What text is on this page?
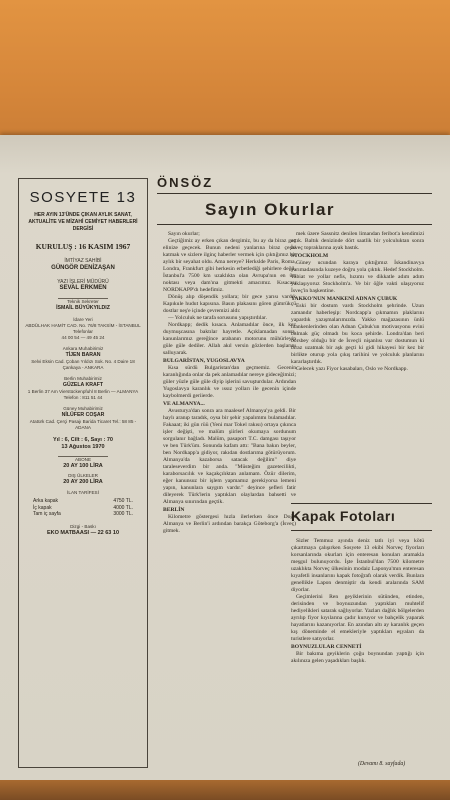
SOSYETE 13
HER AYIN 13'ÜNDE ÇIKAN AYLIK SANAT, AKTUALİTE VE MİZAHİ CEMİYET HABERLERİ DERGİSİ
KURULUŞ : 16 KASIM 1967
İMTİYAZ SAHİBİ
GÜNGÖR DENİZAŞAN
YAZI İŞLERİ MÜDÜRÜ
SEVAL ERKMEN
Teknik Sekreter
İSMAİL BÜYÜKYILDIZ
İdare Yeri
ABDÜLHAK HAMİT CAD. No. 76/8 TAKSİM - İSTANBUL
Telefonlar
44 00 54 — 49 45 24
Ankara Muhabirimiz
TİJEN BARAN
Selvi Eksin Cad. Çoban Yıldızı Sok. No. 4 Daire 18 Çankaya - ANKARA
Berlin Muhabirimiz
GÜZELA KRAFT
1 Berlin 37 Am Vierstückenpfuhl 8 Berlin — ALMANYA
Telefon : 811 51 44
Güney Muhabirimiz
NİLÜFER COŞAR
Atatürk Cad. Çerçi Pasajı Barida Ticaret Tel.: 58 85 - ADANA
Yıl : 6, Cilt : 6, Sayı : 70
13 Ağustos 1970
ABONE
20 AY 100 LİRA
DIŞ ÜLKELER
20 AY 200 LİRA
İLAN TARİFESİ
Arka kapak	4750 TL.
İç kapak	4000 TL.
Tam iç sayfa	3000 TL.
Dizgi - Baskı
EKO MATBAASI — 22 63 10
ÖNSÖZ
Sayın Okurlar

Sayın okurlar;

Geçtiğimiz ay erken çıkan dergimiz, bu ay da biraz geç elinize geçecek. Bunun nedeni yanlarına biraz çeşni katmak ve sizlere ilginç haberler vermek için çıktığımız bir aylık bir seyahat oldu. Ama nereye? Herkslde Paris, Roma, Londra, Frankfurt gibi herkesin erbetlediği şehirlere değil. İstanbul'a 7500 km uzaklıkta olan Avrupa'nın en üst noktası veya dam'ına gitmekti amacımız. Kısacası NORDKAPP'dı hedefimiz.

Dönüş alıp döşendik yollara; bir gece yarısı vardık Kapıkule hudut kapısına. Basın plakasını gören gümrükçü dostlar neş'e içinde çevremizi aldı:

— Yolculuk ne tarafa sorusunu yapıştırdılar.

Nordkapp; dedik kısaca. Anlamadılar önce, ilk kez duymuşcasına baktılar hayretle. Açıklamadan sonra, kanunlarımız gereğince arabanın motorunu mühürleyip güle güle dediler. Allah akıl versin gözlerden başlarını salluyarak.

BULGARİSTAN, YUGOSLAVYA

Kısa sürdü Bulgaristan'dan geçmemiz. Gecenin karanlığında onlar da pek anlamadılar nereye gideceğimizi; güler yüzle güle güle diyip işlerini savuşturdular. Ardından Yugoslavya karanlık ve ıssız yolları ile gecenin içinde kaybolmerdi geriierde.

VE ALMANYA...

Avusturya'dan sonra ara maalesef Almanya'ya geldi. Bir haylı aranıp taradık, oysa bir şehir yapalımmı bulamadılar. Fakaaat; iki gün rüü (Yeni mar Tokel rakısı) ortaya çıkınca işler değişti, ve malüm şiirleri okumaya sordunum sorgulanır bağladı. Malüm, pasaport T.C. damgası taşıyor ve ben Türk'üm. Sonunda kafam attı: "Bana bakın beyler, ben Nordkapp'a gidiyor, rakıdan dostlarıma götürüyorum. Almanya'da kazaborsa satacak değilim" diye taraleseverdim bir anda. "Müsteğim gazetecilikti, karaborsacılık ve kaçakçılıktan anlamam. Özür dilerim, eğer kanunsuz bir işlem yapmamız gerekiyorsa lemeni yapın, kanunlara saygım vardır." deyince şefleri fatir dileyerek Türk'lerin yaptıkları olaylardan bahsetti ve Almanya sınırından geçtik.

BERLİN

Kilometre göstergesi hızla ilerlerken önce Doğu Almanya ve Berlin'i ardından barakça Göteborg'a (İsveç) gitmek.

mek üzere Sassnitz denilen limandan feribot'a kendimizi attık. Baltık denizinde dört saatlik bir yolculuktan sonra İsveç topraklarına ayak bastık.

STOCKHOLM

Güney ucundan karaya çıktığımız İskandinavya yarımadasında kuzeye doğru yola çıktık. Hedef Stockholm. Tabiat ve yollar nefis, hızımı ve dikkatle adım adım yaklaşıyoruz Stockholm'a. Ve bir öğle vakti ulaşıyoruz İsveç'in başkentine.

YAKKO'NUN MANKENİ ADNAN ÇUBUK

Eski bir dostum vardı Stockholm şehrinde. Uzun zamandır haberleşip: Nordcapp'a çıkmamın plaklarını yapardık yazışmalarımızda. Yakko mağazasının ünlü mankenlerinden olan Adnan Çubuk'un motivasyonu evini bulmak güç olmadı bu koca şehirde. Londra'dan beri borsbey olduğu bir de İsveçli nişanlısı var dostumun ki biraz uzatmak bir aşk geçti ki gidi hikayesi bir kez bir birlikte oturup yola çıkış tarihini ve yolculuk planlarını kararlaştırdık.

Gelecek yazı Fiyor kasabaları, Oslo ve Nordkapp.

Kapak Fotoları

Sizler Temmuz ayında deniz tatlı iyi veya kötü çıkartmaya çalışırken Sosyete 13 ekibi Norveç fiyorları korsanlarında okurları için enteresan konuları aramakla meşgul bulunuyordu. İşte İstanbul'dan 7500 kilometre uzaklıkta Norveç ülkesinin modaiz Laponya'mın enteresan kıyafetli insanlarını kapak fotoğrafı olarak verdik. Bunlara genellikle Lapon denmiştir da kendi aralarında SAM diyorlar.

Geçimlerini Ren geyiklerinin sütünden, etinden, derisinden ve boynuzundan yaptıkları muhtelif hediyelikleri satarak sağlıyorlar. Yazları dağlık bölgelerden ayrılıp fiyor kıyılarına çadır kuruyor ve bahçelik yaparak hayatlarını kazanıyorlar. En azından altı ay karanlık geçen kış döneminde el emekleriyle yaptıkları eşyaları da turistlere satıyorlar.

BOYNUZLULAR CENNETİ

Bir bakıma geyiklerin çoğu boynundan yaptığı için akılınıza gelen yaşadıkları başlık.

(Devamı 8. sayfada)
